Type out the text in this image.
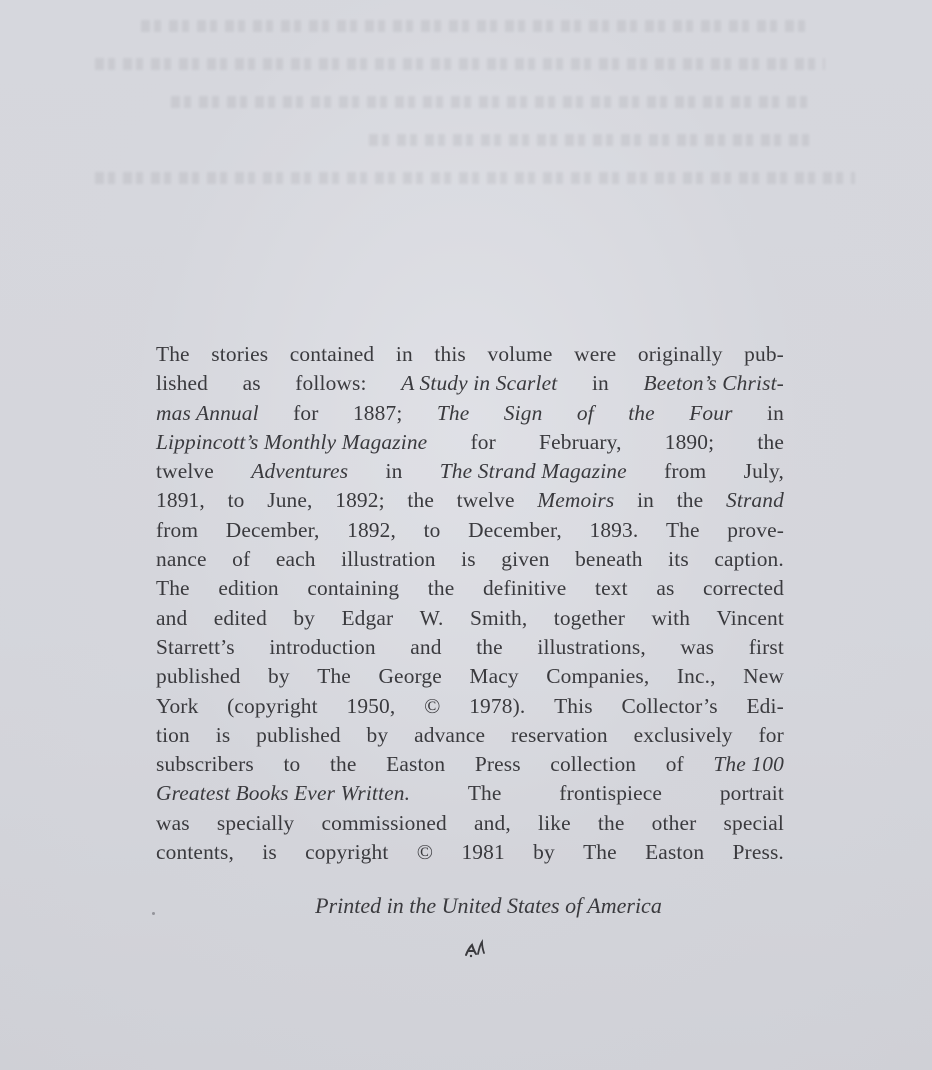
The stories contained in this volume were originally pub-
lished as follows: A Study in Scarlet in Beeton’s Christ-
mas Annual for 1887; The Sign of the Four in
Lippincott’s Monthly Magazine for February, 1890; the
twelve Adventures in The Strand Magazine from July,
1891, to June, 1892; the twelve Memoirs in the Strand
from December, 1892, to December, 1893. The prove-
nance of each illustration is given beneath its caption.
The edition containing the definitive text as corrected
and edited by Edgar W. Smith, together with Vincent
Starrett’s introduction and the illustrations, was first
published by The George Macy Companies, Inc., New
York (copyright 1950, © 1978). This Collector’s Edi-
tion is published by advance reservation exclusively for
subscribers to the Easton Press collection of The 100
Greatest Books Ever Written.	The	frontispiece	portrait
was specially commissioned and, like the other special
contents, is copyright © 1981 by The Easton Press.
Printed in the United States of America
